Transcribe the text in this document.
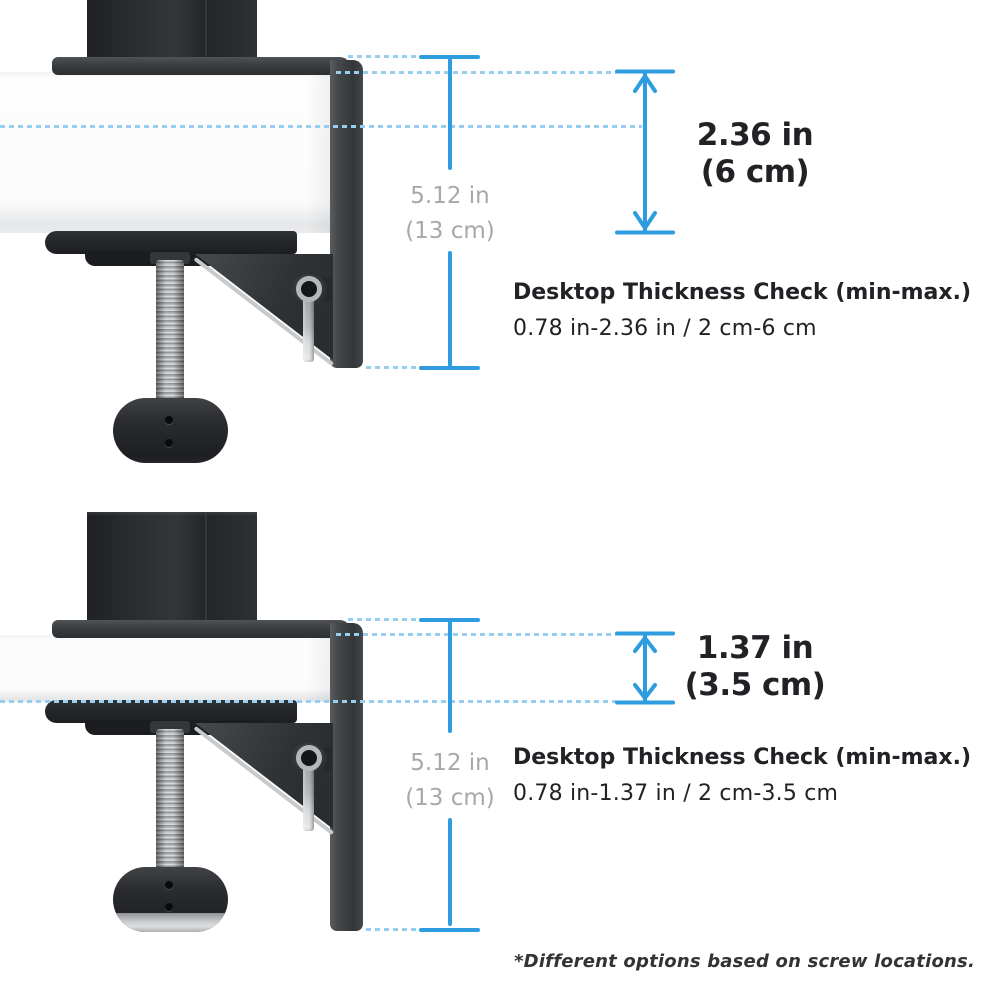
5.12 in
(13 cm)
2.36 in
(6 cm)
Desktop Thickness Check (min-max.)
0.78 in-2.36 in / 2 cm-6 cm
5.12 in
(13 cm)
1.37 in
(3.5 cm)
Desktop Thickness Check (min-max.)
0.78 in-1.37 in / 2 cm-3.5 cm
*Different options based on screw locations.
